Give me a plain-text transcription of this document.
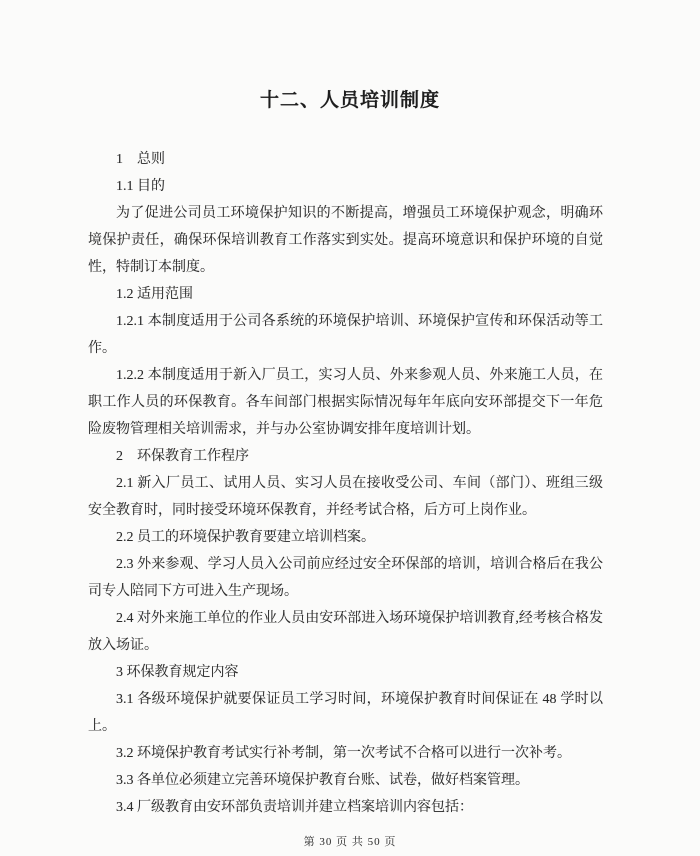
十二、人员培训制度

1　总则

1.1 目的

为了促进公司员工环境保护知识的不断提高，增强员工环境保护观念，明确环境保护责任，确保环保培训教育工作落实到实处。提高环境意识和保护环境的自觉性，特制订本制度。

1.2 适用范围

1.2.1 本制度适用于公司各系统的环境保护培训、环境保护宣传和环保活动等工作。

1.2.2 本制度适用于新入厂员工，实习人员、外来参观人员、外来施工人员，在职工作人员的环保教育。各车间部门根据实际情况每年年底向安环部提交下一年危险废物管理相关培训需求，并与办公室协调安排年度培训计划。

2　环保教育工作程序

2.1 新入厂员工、试用人员、实习人员在接收受公司、车间（部门）、班组三级安全教育时，同时接受环境环保教育，并经考试合格，后方可上岗作业。

2.2 员工的环境保护教育要建立培训档案。

2.3 外来参观、学习人员入公司前应经过安全环保部的培训，培训合格后在我公司专人陪同下方可进入生产现场。

2.4 对外来施工单位的作业人员由安环部进入场环境保护培训教育,经考核合格发放入场证。

3 环保教育规定内容

3.1 各级环境保护就要保证员工学习时间，环境保护教育时间保证在 48 学时以上。

3.2 环境保护教育考试实行补考制，第一次考试不合格可以进行一次补考。

3.3 各单位必须建立完善环境保护教育台账、试卷，做好档案管理。

3.4 厂级教育由安环部负责培训并建立档案培训内容包括：

第 30 页 共 50 页
